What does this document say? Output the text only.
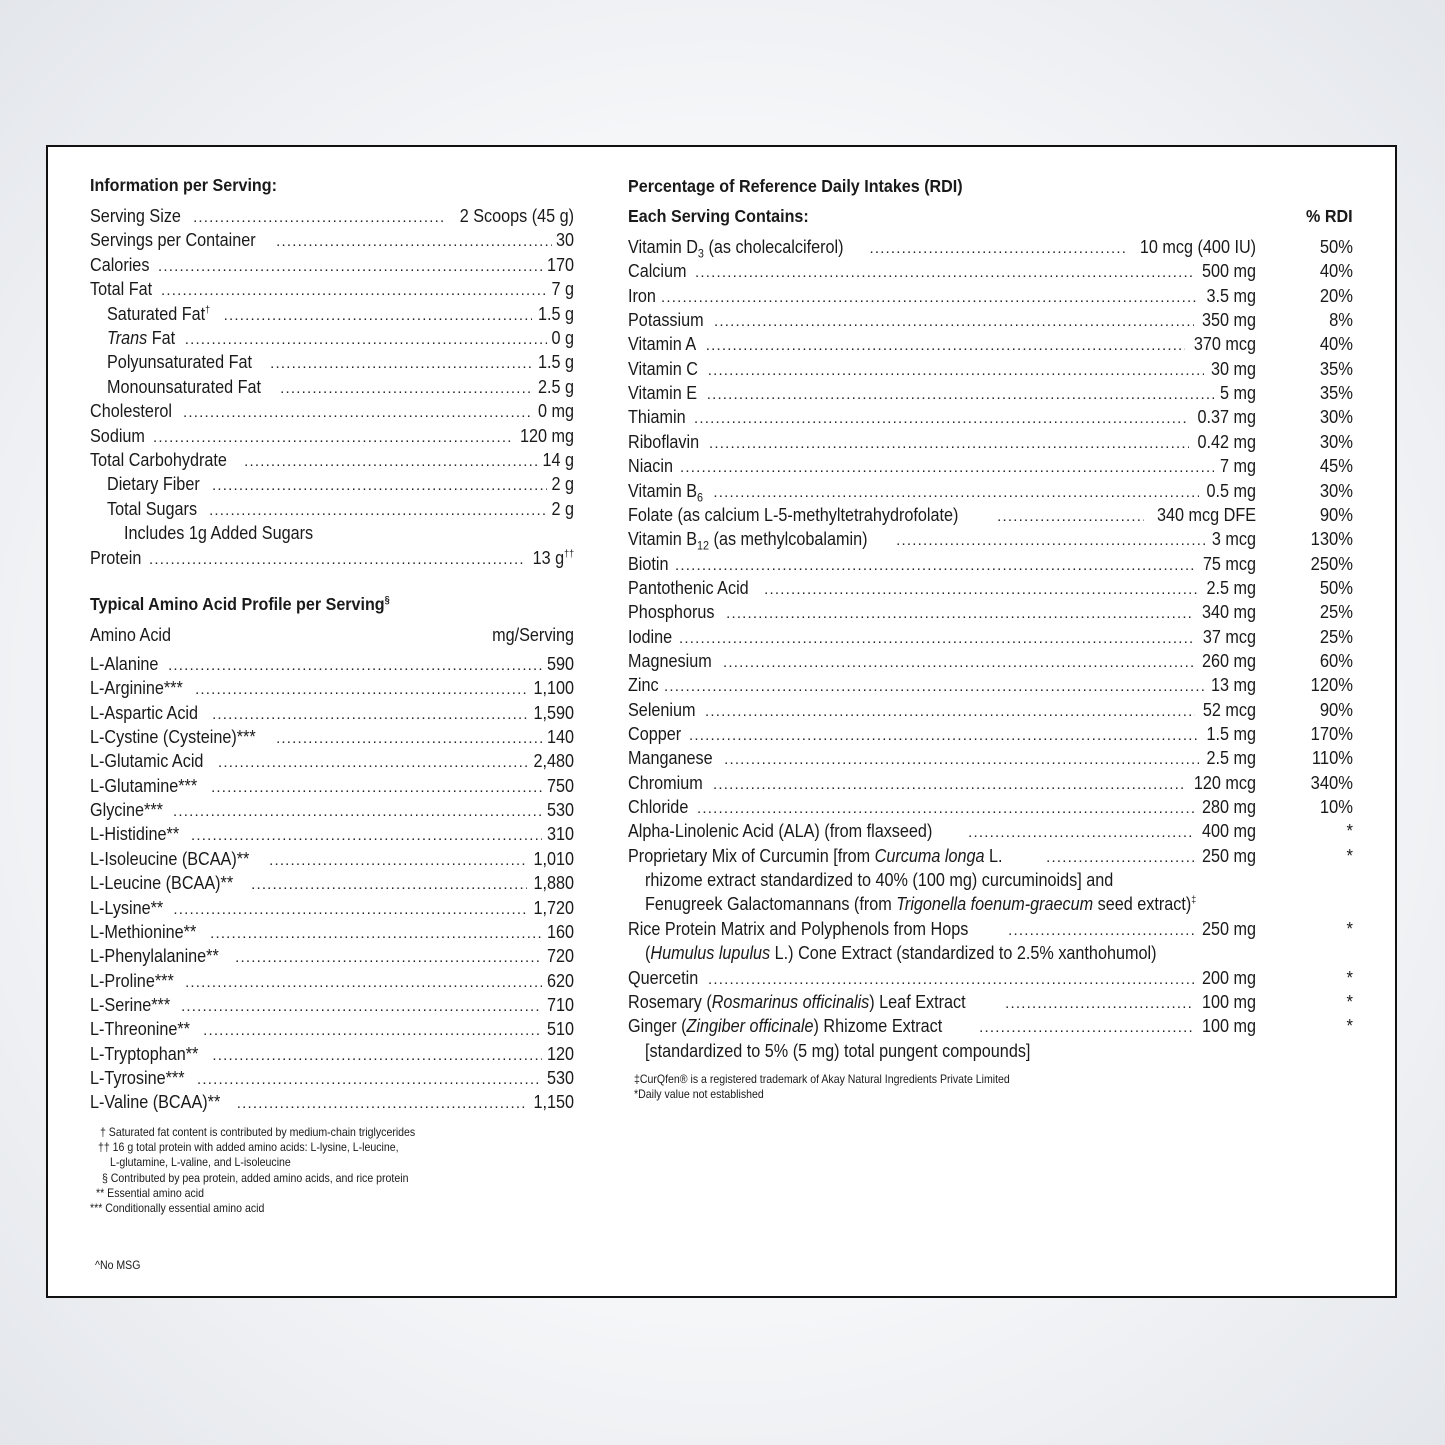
Information per Serving:
Serving Size .....	2 Scoops (45 g)
Servings per Container .....	30
Calories .....	170
Total Fat .....	7 g
Saturated Fat† .....	1.5 g
Trans Fat .....	0 g
Polyunsaturated Fat .....	1.5 g
Monounsaturated Fat .....	2.5 g
Cholesterol .....	0 mg
Sodium .....	120 mg
Total Carbohydrate .....	14 g
Dietary Fiber .....	2 g
Total Sugars .....	2 g
Includes 1g Added Sugars
Protein .....	13 g††
Typical Amino Acid Profile per Serving§
Amino Acid	mg/Serving
L-Alanine .....	590
L-Arginine*** .....	1,100
L-Aspartic Acid .....	1,590
L-Cystine (Cysteine)*** .....	140
L-Glutamic Acid .....	2,480
L-Glutamine*** .....	750
Glycine*** .....	530
L-Histidine** .....	310
L-Isoleucine (BCAA)** .....	1,010
L-Leucine (BCAA)** .....	1,880
L-Lysine** .....	1,720
L-Methionine** .....	160
L-Phenylalanine** .....	720
L-Proline*** .....	620
L-Serine*** .....	710
L-Threonine** .....	510
L-Tryptophan** .....	120
L-Tyrosine*** .....	530
L-Valine (BCAA)** .....	1,150
† Saturated fat content is contributed by medium-chain triglycerides
†† 16 g total protein with added amino acids: L-lysine, L-leucine,
L-glutamine, L-valine, and L-isoleucine
§ Contributed by pea protein, added amino acids, and rice protein
** Essential amino acid
*** Conditionally essential amino acid
^No MSG
Percentage of Reference Daily Intakes (RDI)
Each Serving Contains:	% RDI
Vitamin $D_3$ (as cholecalciferol) .....	10 mcg (400 IU)	50%
Calcium .....	500 mg	40%
Iron .....	3.5 mg	20%
Potassium .....	350 mg	8%
Vitamin A .....	370 mcg	40%
Vitamin C .....	30 mg	35%
Vitamin E .....	5 mg	35%
Thiamin .....	0.37 mg	30%
Riboflavin .....	0.42 mg	30%
Niacin .....	7 mg	45%
Vitamin $B_6$ .....	0.5 mg	30%
Folate (as calcium L-5-methyltetrahydrofolate) .....	340 mcg DFE	90%
Vitamin $B_{12}$ (as methylcobalamin) .....	3 mcg	130%
Biotin .....	75 mcg	250%
Pantothenic Acid .....	2.5 mg	50%
Phosphorus .....	340 mg	25%
Iodine .....	37 mcg	25%
Magnesium .....	260 mg	60%
Zinc .....	13 mg	120%
Selenium .....	52 mcg	90%
Copper .....	1.5 mg	170%
Manganese .....	2.5 mg	110%
Chromium .....	120 mcg	340%
Chloride .....	280 mg	10%
Alpha-Linolenic Acid (ALA) (from flaxseed) .....	400 mg	*
Proprietary Mix of Curcumin [from Curcuma longa L. .....	250 mg	*
rhizome extract standardized to 40% (100 mg) curcuminoids] and
Fenugreek Galactomannans (from Trigonella foenum-graecum seed extract)‡
Rice Protein Matrix and Polyphenols from Hops .....	250 mg	*
(Humulus lupulus L.) Cone Extract (standardized to 2.5% xanthohumol)
Quercetin .....	200 mg	*
Rosemary (Rosmarinus officinalis) Leaf Extract .....	100 mg	*
Ginger (Zingiber officinale) Rhizome Extract .....	100 mg	*
[standardized to 5% (5 mg) total pungent compounds]
‡CurQfen® is a registered trademark of Akay Natural Ingredients Private Limited
*Daily value not established
